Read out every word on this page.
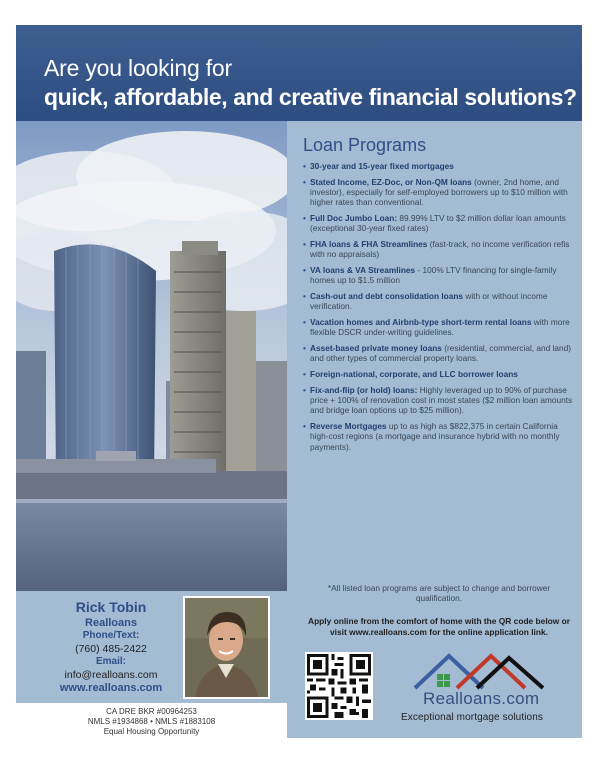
Are you looking for
quick, affordable, and creative financial solutions?
Loan Programs
• 30-year and 15-year fixed mortgages
• Stated Income, EZ-Doc, or Non-QM loans (owner, 2nd home, and investor), especially for self-employed borrowers up to $10 million with higher rates than conventional.
• Full Doc Jumbo Loan: 89.99% LTV to $2 million dollar loan amounts (exceptional 30-year fixed rates)
• FHA loans & FHA Streamlines (fast-track, no income verification refis with no appraisals)
• VA loans & VA Streamlines - 100% LTV financing for single-family homes up to $1.5 million
• Cash-out and debt consolidation loans with or without income verification.
• Vacation homes and Airbnb-type short-term rental loans with more flexible DSCR under-writing guidelines.
• Asset-based private money loans (residential, commercial, and land) and other types of commercial property loans.
• Foreign-national, corporate, and LLC borrower loans
• Fix-and-flip (or hold) loans: Highly leveraged up to 90% of purchase price + 100% of renovation cost in most states ($2 million loan amounts and bridge loan options up to $25 million).
• Reverse Mortgages up to as high as $822,375 in certain California high-cost regions (a mortgage and insurance hybrid with no monthly payments).
*All listed loan programs are subject to change and borrower qualification.
Apply online from the comfort of home with the QR code below or visit www.realloans.com for the online application link.
Realloans.com
Exceptional mortgage solutions
Rick Tobin
Realloans
Phone/Text:
(760) 485-2422
Email:
info@realloans.com
www.realloans.com
CA DRE BKR #00964253
NMLS #1934868 • NMLS #1883108
Equal Housing Opportunity
